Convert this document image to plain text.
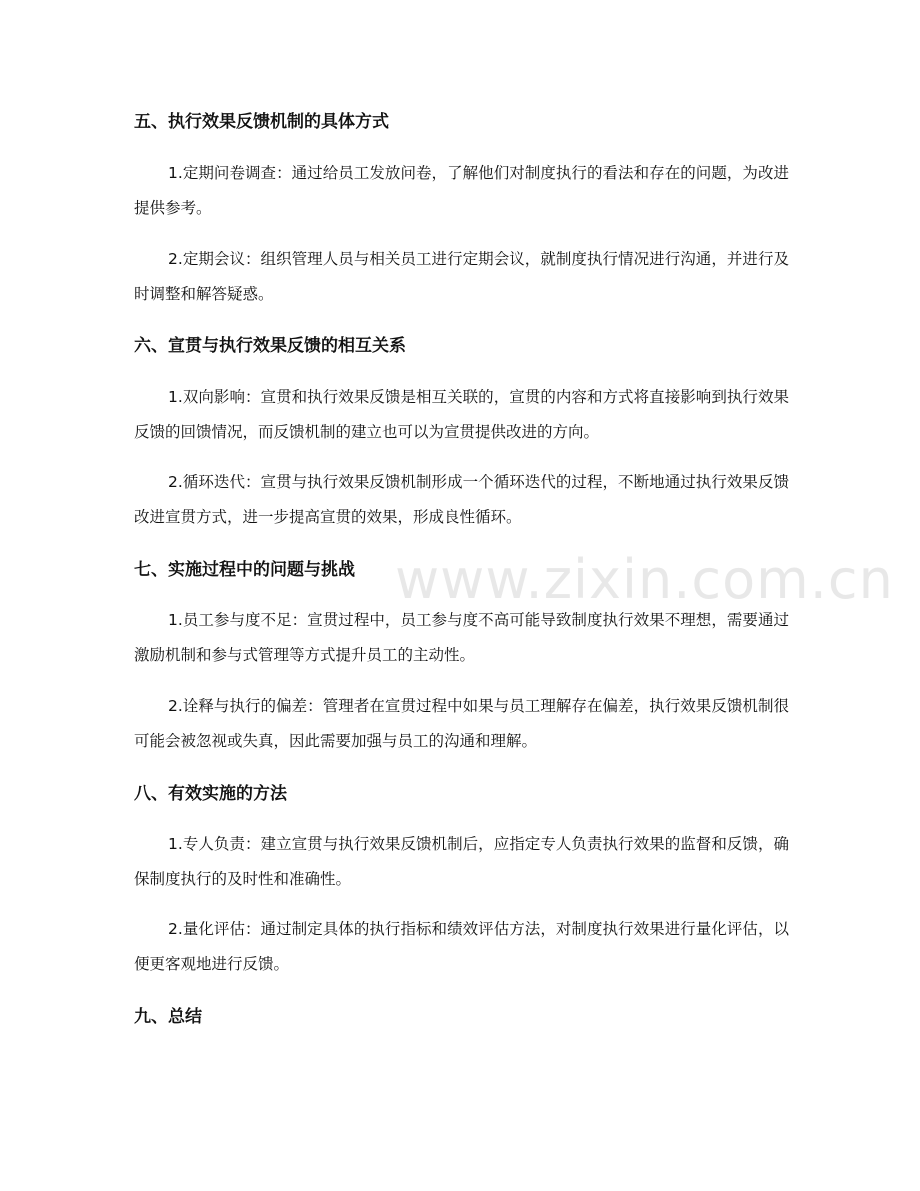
www.zixin.com.cn
五、执行效果反馈机制的具体方式

1.定期问卷调查：通过给员工发放问卷，了解他们对制度执行的看法和存在的问题，为改进提供参考。

2.定期会议：组织管理人员与相关员工进行定期会议，就制度执行情况进行沟通，并进行及时调整和解答疑惑。

六、宣贯与执行效果反馈的相互关系

1.双向影响：宣贯和执行效果反馈是相互关联的，宣贯的内容和方式将直接影响到执行效果反馈的回馈情况，而反馈机制的建立也可以为宣贯提供改进的方向。

2.循环迭代：宣贯与执行效果反馈机制形成一个循环迭代的过程，不断地通过执行效果反馈改进宣贯方式，进一步提高宣贯的效果，形成良性循环。

七、实施过程中的问题与挑战

1.员工参与度不足：宣贯过程中，员工参与度不高可能导致制度执行效果不理想，需要通过激励机制和参与式管理等方式提升员工的主动性。

2.诠释与执行的偏差：管理者在宣贯过程中如果与员工理解存在偏差，执行效果反馈机制很可能会被忽视或失真，因此需要加强与员工的沟通和理解。

八、有效实施的方法

1.专人负责：建立宣贯与执行效果反馈机制后，应指定专人负责执行效果的监督和反馈，确保制度执行的及时性和准确性。

2.量化评估：通过制定具体的执行指标和绩效评估方法，对制度执行效果进行量化评估，以便更客观地进行反馈。

九、总结
